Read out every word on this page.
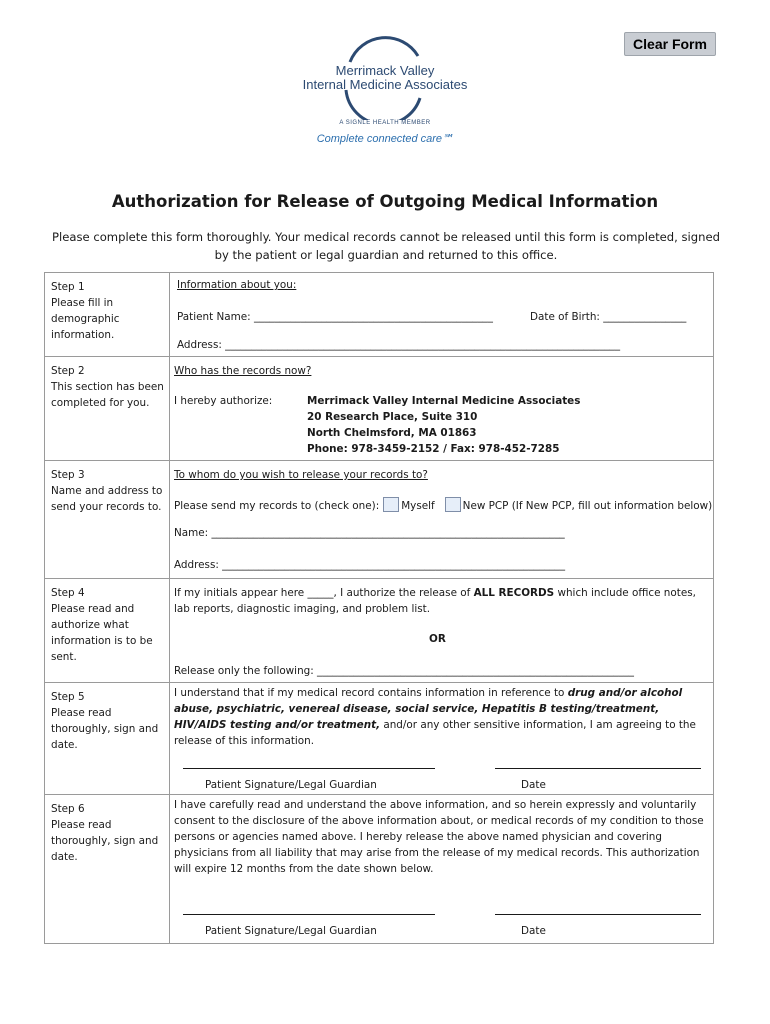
Clear Form
Merrimack Valley
Internal Medicine Associates
A SIGNLE HEALTH MEMBER
Complete connected care℠
Authorization for Release of Outgoing Medical Information
Please complete this form thoroughly. Your medical records cannot be released until this form is completed, signed by the patient or legal guardian and returned to this office.
Step 1
Please fill in demographic information.
Information about you:
Patient Name: ______________________________________________	Date of Birth: ________________
Address: ____________________________________________________________________________
Step 2
This section has been completed for you.
Who has the records now?
I hereby authorize:	Merrimack Valley Internal Medicine Associates
20 Research Place, Suite 310
North Chelmsford, MA 01863
Phone: 978-3459-2152 / Fax: 978-452-7285
Step 3
Name and address to send your records to.
To whom do you wish to release your records to?
Please send my records to (check one): Myself	New PCP (If New PCP, fill out information below)
Name: ____________________________________________________________________
Address: __________________________________________________________________
Step 4
Please read and authorize what information is to be sent.
If my initials appear here _____, I authorize the release of ALL RECORDS which include office notes, lab reports, diagnostic imaging, and problem list.
OR
Release only the following: _____________________________________________________________
Step 5
Please read thoroughly, sign and date.
I understand that if my medical record contains information in reference to drug and/or alcohol abuse, psychiatric, venereal disease, social service, Hepatitis B testing/treatment, HIV/AIDS testing and/or treatment, and/or any other sensitive information, I am agreeing to the release of this information.
Patient Signature/Legal Guardian	Date
Step 6
Please read thoroughly, sign and date.
I have carefully read and understand the above information, and so herein expressly and voluntarily consent to the disclosure of the above information about, or medical records of my condition to those persons or agencies named above. I hereby release the above named physician and covering physicians from all liability that may arise from the release of my medical records. This authorization will expire 12 months from the date shown below.
Patient Signature/Legal Guardian	Date
